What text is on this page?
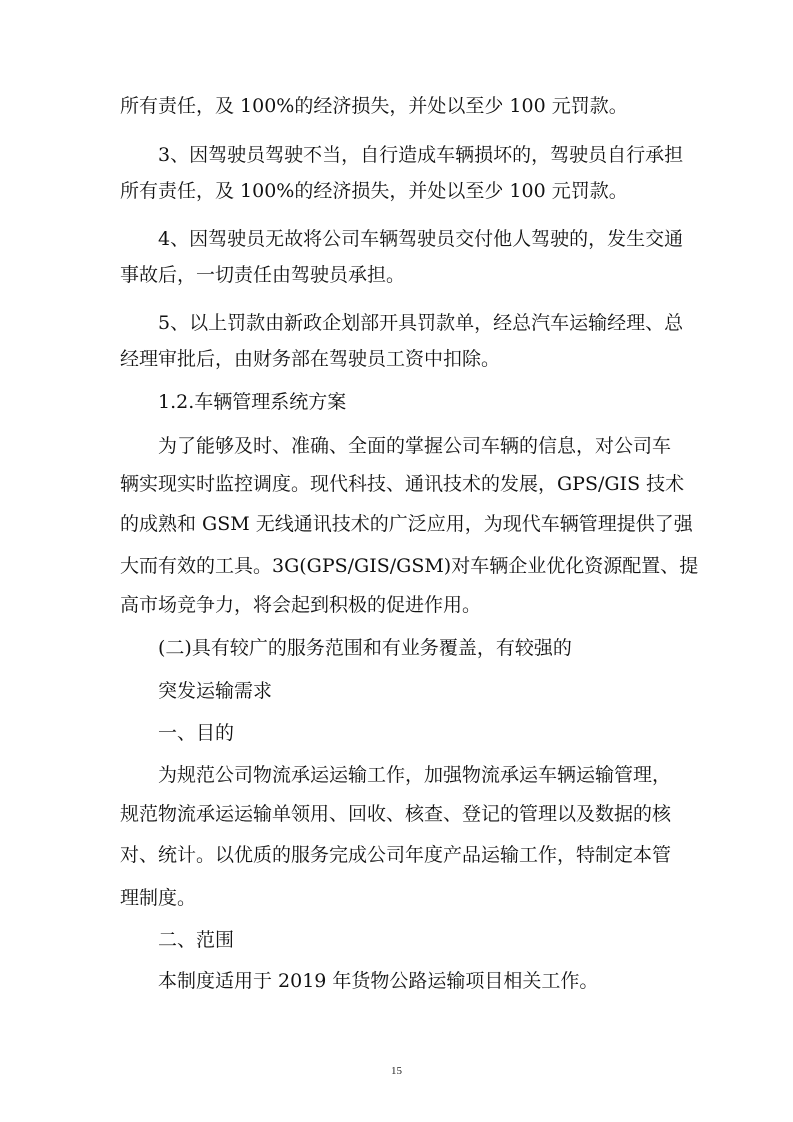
所有责任，及 100%的经济损失，并处以至少 100 元罚款。
3、因驾驶员驾驶不当，自行造成车辆损坏的，驾驶员自行承担
所有责任，及 100%的经济损失，并处以至少 100 元罚款。
4、因驾驶员无故将公司车辆驾驶员交付他人驾驶的，发生交通
事故后，一切责任由驾驶员承担。
5、以上罚款由新政企划部开具罚款单，经总汽车运输经理、总
经理审批后，由财务部在驾驶员工资中扣除。
1.2.车辆管理系统方案
为了能够及时、准确、全面的掌握公司车辆的信息，对公司车
辆实现实时监控调度。现代科技、通讯技术的发展，GPS/GIS 技术
的成熟和 GSM 无线通讯技术的广泛应用，为现代车辆管理提供了强
大而有效的工具。3G(GPS/GIS/GSM)对车辆企业优化资源配置、提
高市场竞争力，将会起到积极的促进作用。
(二)具有较广的服务范围和有业务覆盖，有较强的
突发运输需求
一、目的
为规范公司物流承运运输工作，加强物流承运车辆运输管理，
规范物流承运运输单领用、回收、核查、登记的管理以及数据的核
对、统计。以优质的服务完成公司年度产品运输工作，特制定本管
理制度。
二、范围
本制度适用于 2019 年货物公路运输项目相关工作。
15
